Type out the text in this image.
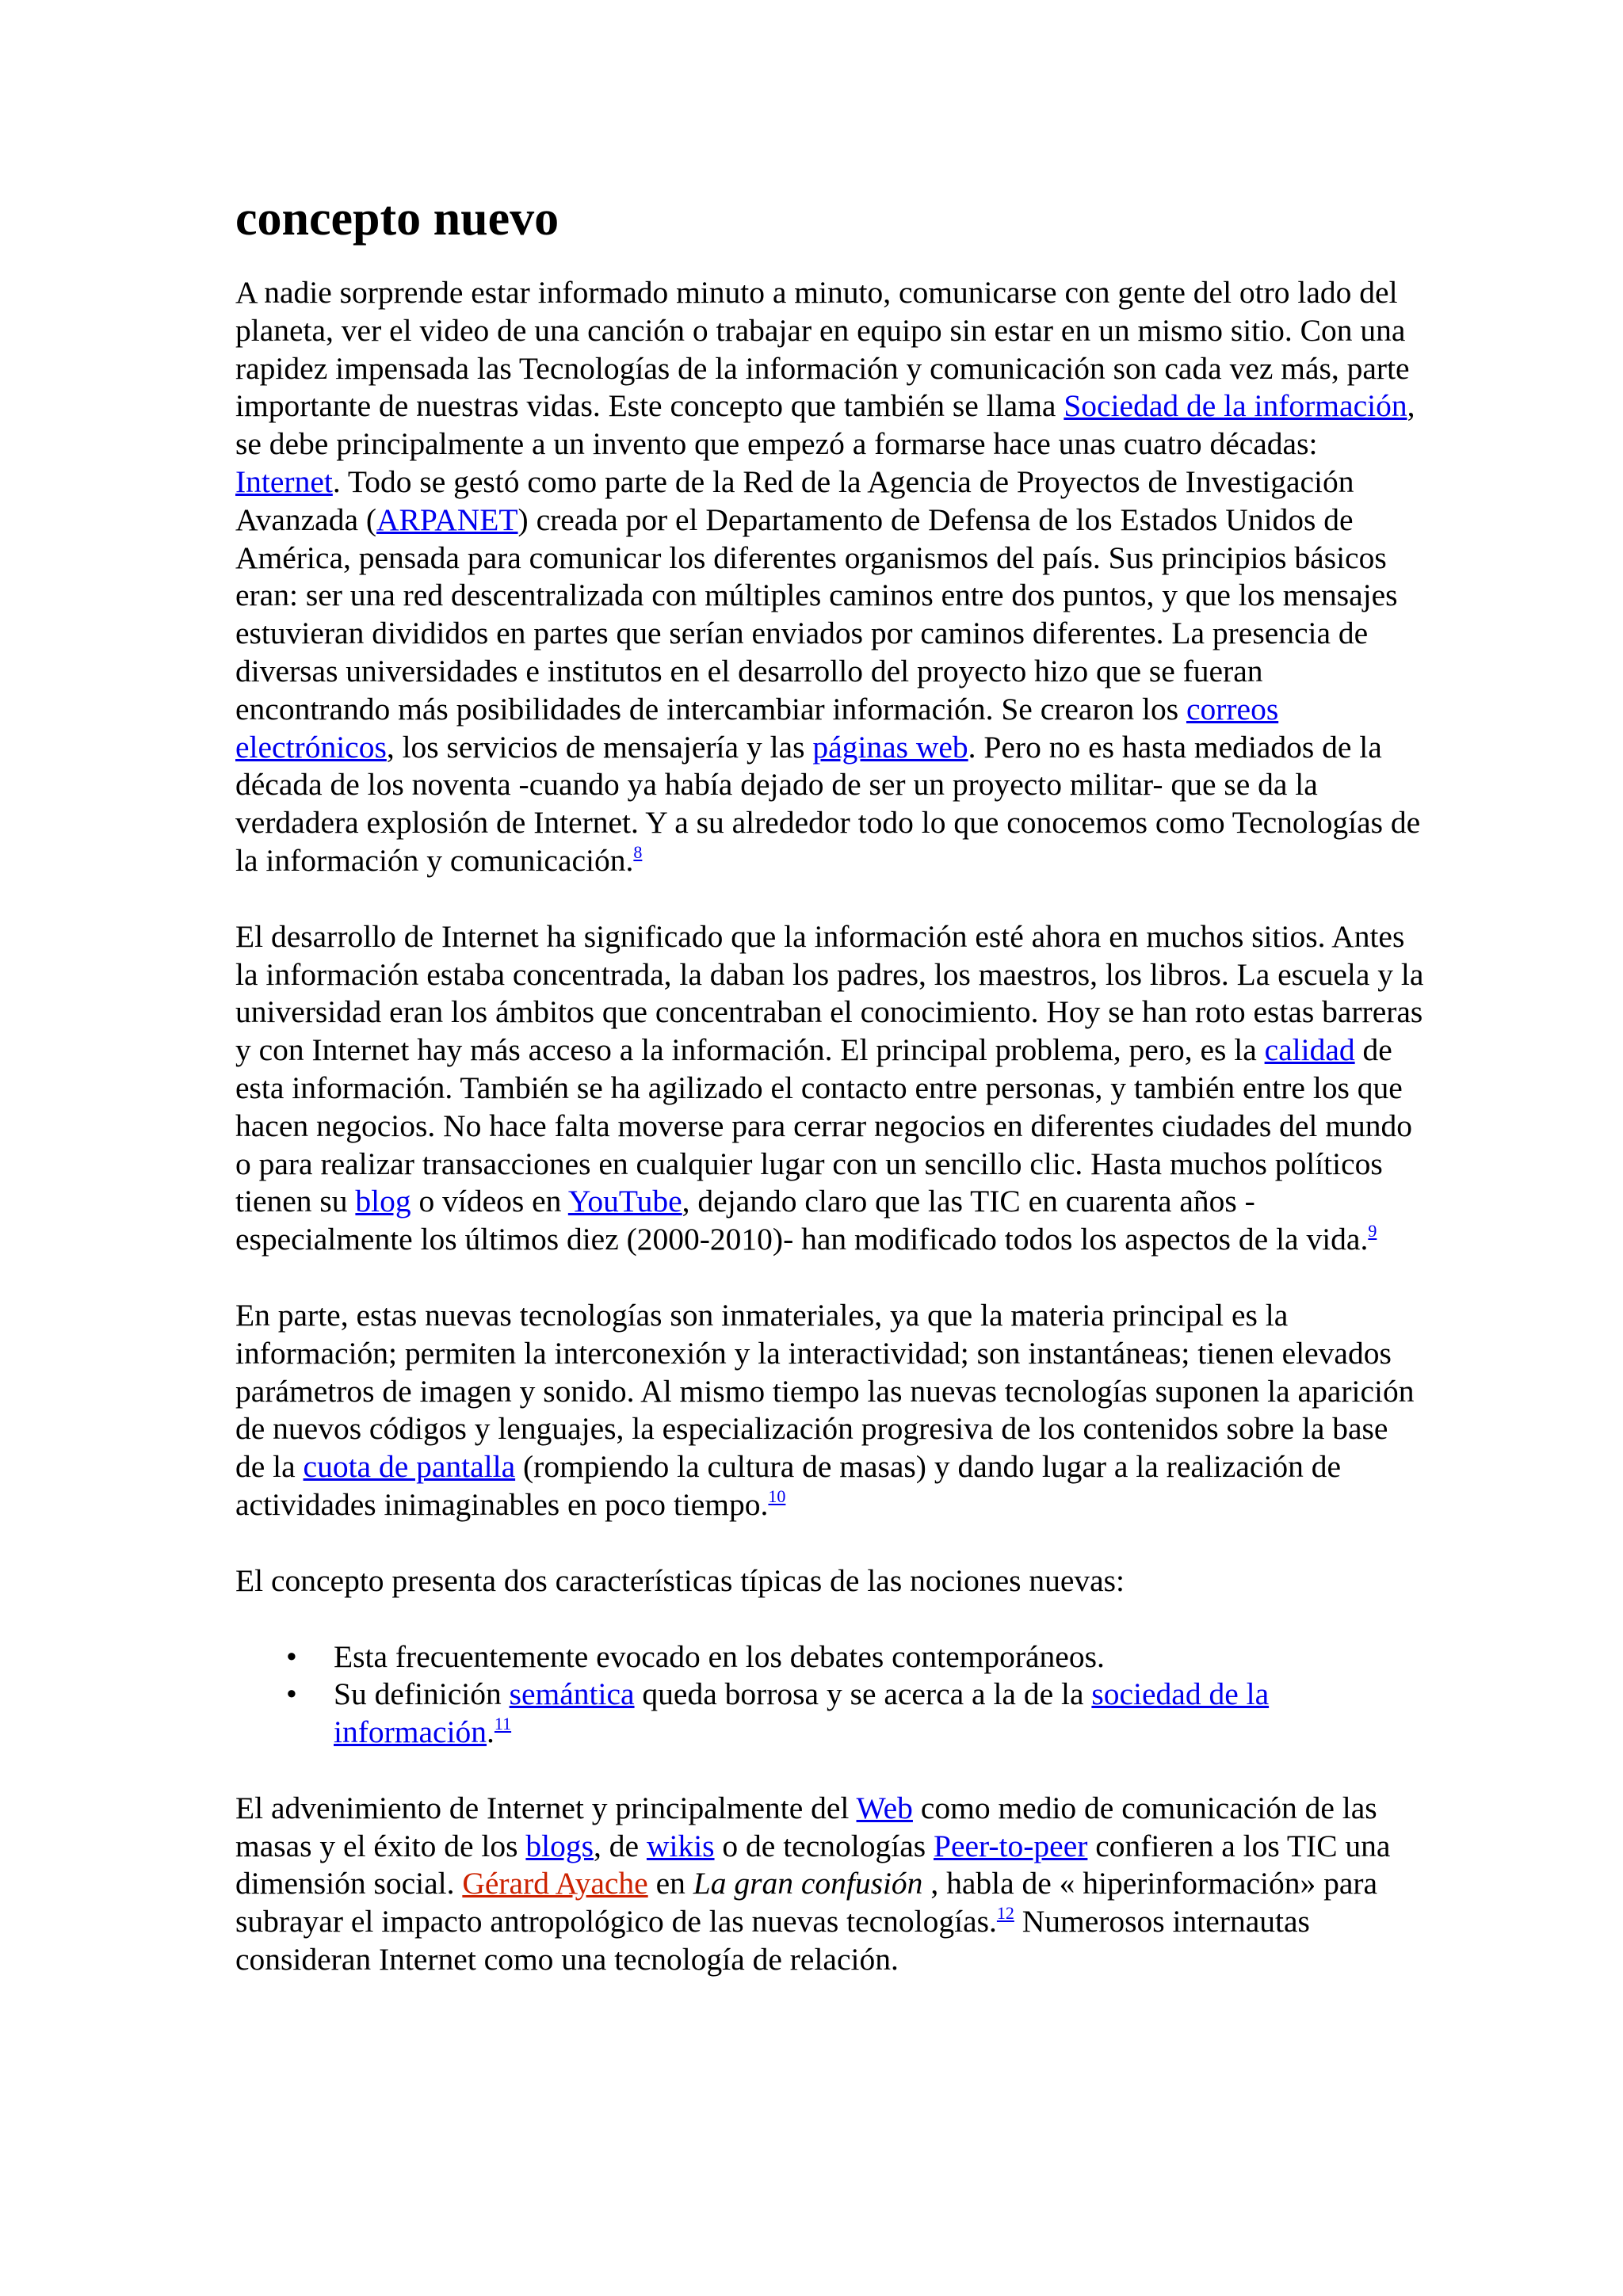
concepto nuevo

A nadie sorprende estar informado minuto a minuto, comunicarse con gente del otro lado del planeta, ver el video de una canción o trabajar en equipo sin estar en un mismo sitio. Con una rapidez impensada las Tecnologías de la información y comunicación son cada vez más, parte importante de nuestras vidas. Este concepto que también se llama Sociedad de la información, se debe principalmente a un invento que empezó a formarse hace unas cuatro décadas: Internet. Todo se gestó como parte de la Red de la Agencia de Proyectos de Investigación Avanzada (ARPANET) creada por el Departamento de Defensa de los Estados Unidos de América, pensada para comunicar los diferentes organismos del país. Sus principios básicos eran: ser una red descentralizada con múltiples caminos entre dos puntos, y que los mensajes estuvieran divididos en partes que serían enviados por caminos diferentes. La presencia de diversas universidades e institutos en el desarrollo del proyecto hizo que se fueran encontrando más posibilidades de intercambiar información. Se crearon los correos electrónicos, los servicios de mensajería y las páginas web. Pero no es hasta mediados de la década de los noventa -cuando ya había dejado de ser un proyecto militar- que se da la verdadera explosión de Internet. Y a su alrededor todo lo que conocemos como Tecnologías de la información y comunicación.$^8$

El desarrollo de Internet ha significado que la información esté ahora en muchos sitios. Antes la información estaba concentrada, la daban los padres, los maestros, los libros. La escuela y la universidad eran los ámbitos que concentraban el conocimiento. Hoy se han roto estas barreras y con Internet hay más acceso a la información. El principal problema, pero, es la calidad de esta información. También se ha agilizado el contacto entre personas, y también entre los que hacen negocios. No hace falta moverse para cerrar negocios en diferentes ciudades del mundo o para realizar transacciones en cualquier lugar con un sencillo clic. Hasta muchos políticos tienen su blog o vídeos en YouTube, dejando claro que las TIC en cuarenta años -especialmente los últimos diez (2000-2010)- han modificado todos los aspectos de la vida.$^9$

En parte, estas nuevas tecnologías son inmateriales, ya que la materia principal es la información; permiten la interconexión y la interactividad; son instantáneas; tienen elevados parámetros de imagen y sonido. Al mismo tiempo las nuevas tecnologías suponen la aparición de nuevos códigos y lenguajes, la especialización progresiva de los contenidos sobre la base de la cuota de pantalla (rompiendo la cultura de masas) y dando lugar a la realización de actividades inimaginables en poco tiempo.$^{10}$

El concepto presenta dos características típicas de las nociones nuevas:

• Esta frecuentemente evocado en los debates contemporáneos.
• Su definición semántica queda borrosa y se acerca a la de la sociedad de la información.$^{11}$

El advenimiento de Internet y principalmente del Web como medio de comunicación de las masas y el éxito de los blogs, de wikis o de tecnologías Peer-to-peer confieren a los TIC una dimensión social. Gérard Ayache en La gran confusión , habla de « hiperinformación» para subrayar el impacto antropológico de las nuevas tecnologías.$^{12}$ Numerosos internautas consideran Internet como una tecnología de relación.
